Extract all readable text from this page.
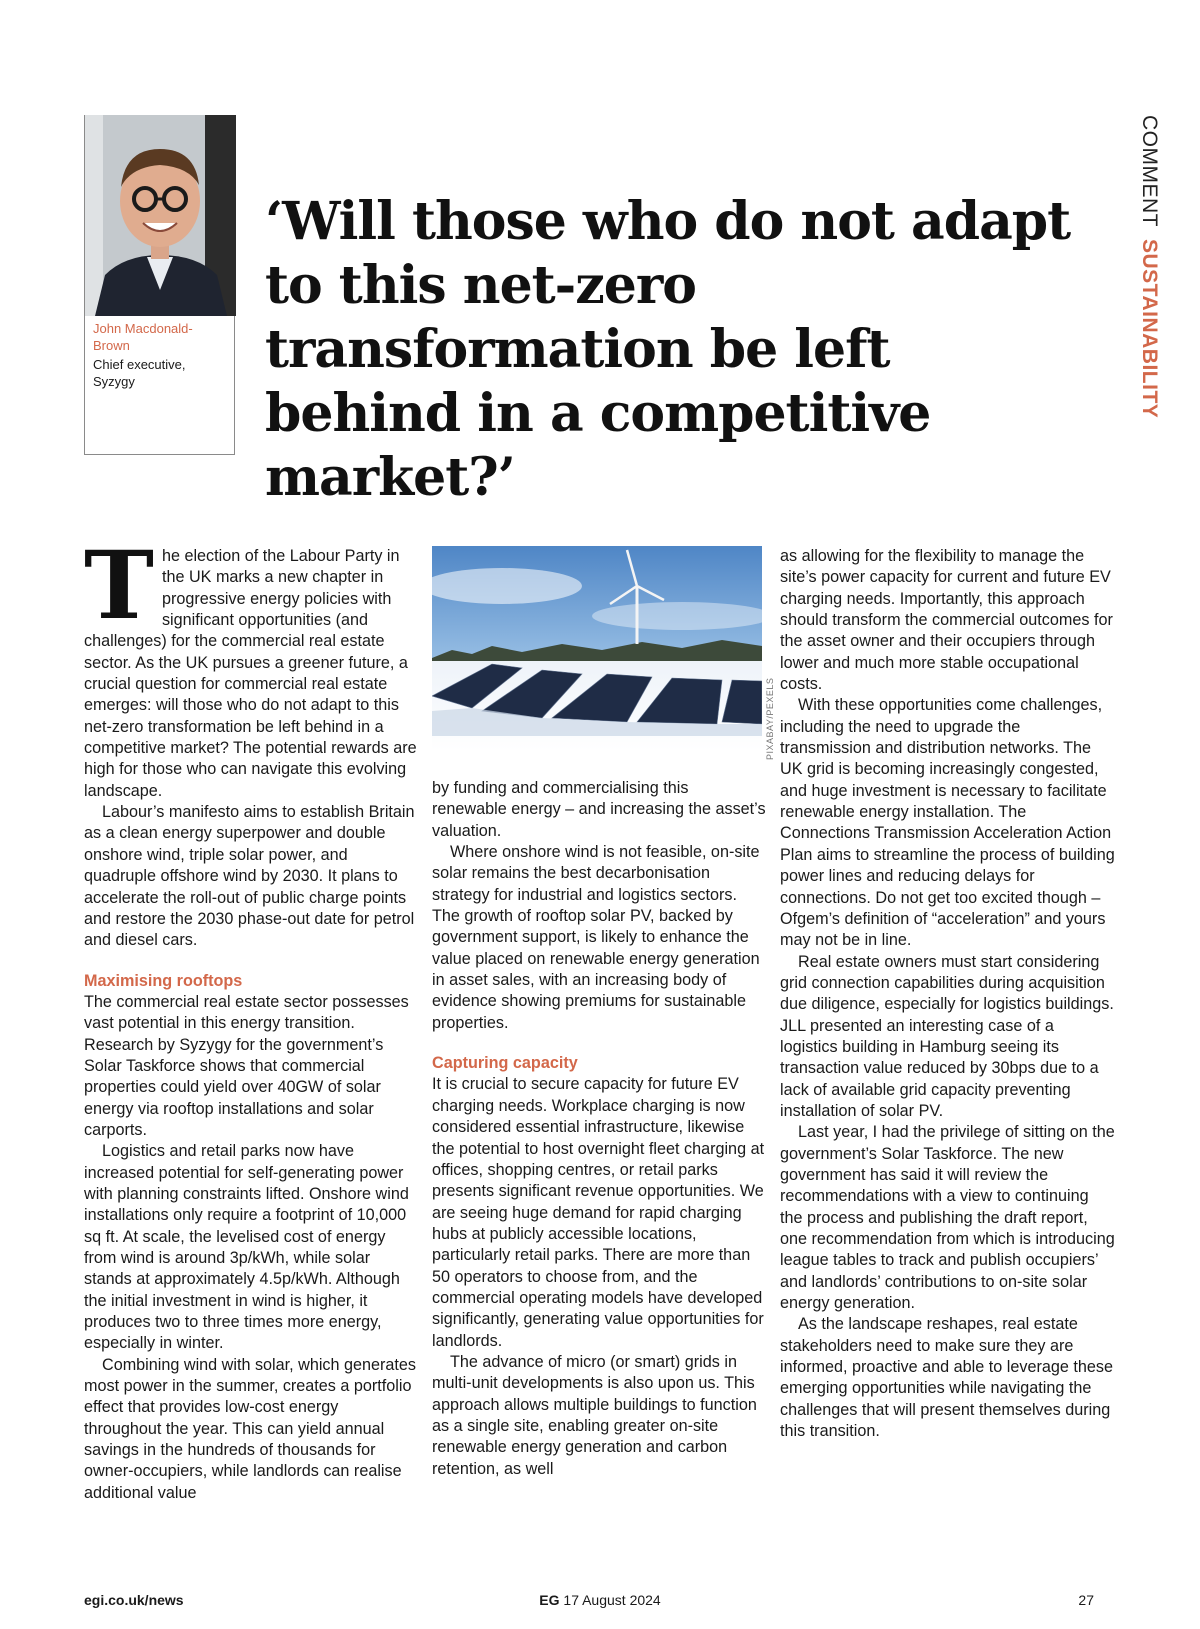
COMMENT SUSTAINABILITY
John Macdonald-Brown
Chief executive, Syzygy
‘Will those who do not adapt to this net-zero transformation be left behind in a competitive market?’

The election of the Labour Party in the UK marks a new chapter in progressive energy policies with significant opportunities (and challenges) for the commercial real estate sector. As the UK pursues a greener future, a crucial question for commercial real estate emerges: will those who do not adapt to this net-zero transformation be left behind in a competitive market? The potential rewards are high for those who can navigate this evolving landscape.

Labour’s manifesto aims to establish Britain as a clean energy superpower and double onshore wind, triple solar power, and quadruple offshore wind by 2030. It plans to accelerate the roll-out of public charge points and restore the 2030 phase-out date for petrol and diesel cars.

Maximising rooftops

The commercial real estate sector possesses vast potential in this energy transition. Research by Syzygy for the government’s Solar Taskforce shows that commercial properties could yield over 40GW of solar energy via rooftop installations and solar carports.

Logistics and retail parks now have increased potential for self-generating power with planning constraints lifted. Onshore wind installations only require a footprint of 10,000 sq ft. At scale, the levelised cost of energy from wind is around 3p/kWh, while solar stands at approximately 4.5p/kWh. Although the initial investment in wind is higher, it produces two to three times more energy, especially in winter.

Combining wind with solar, which generates most power in the summer, creates a portfolio effect that provides low-cost energy throughout the year. This can yield annual savings in the hundreds of thousands for owner-occupiers, while landlords can realise additional value

PIXABAY/PEXELS

by funding and commercialising this renewable energy – and increasing the asset’s valuation.

Where onshore wind is not feasible, on-site solar remains the best decarbonisation strategy for industrial and logistics sectors. The growth of rooftop solar PV, backed by government support, is likely to enhance the value placed on renewable energy generation in asset sales, with an increasing body of evidence showing premiums for sustainable properties.

Capturing capacity

It is crucial to secure capacity for future EV charging needs. Workplace charging is now considered essential infrastructure, likewise the potential to host overnight fleet charging at offices, shopping centres, or retail parks presents significant revenue opportunities. We are seeing huge demand for rapid charging hubs at publicly accessible locations, particularly retail parks. There are more than 50 operators to choose from, and the commercial operating models have developed significantly, generating value opportunities for landlords.

The advance of micro (or smart) grids in multi-unit developments is also upon us. This approach allows multiple buildings to function as a single site, enabling greater on-site renewable energy generation and carbon retention, as well

as allowing for the flexibility to manage the site’s power capacity for current and future EV charging needs. Importantly, this approach should transform the commercial outcomes for the asset owner and their occupiers through lower and much more stable occupational costs.

With these opportunities come challenges, including the need to upgrade the transmission and distribution networks. The UK grid is becoming increasingly congested, and huge investment is necessary to facilitate renewable energy installation. The Connections Transmission Acceleration Action Plan aims to streamline the process of building power lines and reducing delays for connections. Do not get too excited though – Ofgem’s definition of “acceleration” and yours may not be in line.

Real estate owners must start considering grid connection capabilities during acquisition due diligence, especially for logistics buildings. JLL presented an interesting case of a logistics building in Hamburg seeing its transaction value reduced by 30bps due to a lack of available grid capacity preventing installation of solar PV.

Last year, I had the privilege of sitting on the government’s Solar Taskforce. The new government has said it will review the recommendations with a view to continuing the process and publishing the draft report, one recommendation from which is introducing league tables to track and publish occupiers’ and landlords’ contributions to on-site solar energy generation.

As the landscape reshapes, real estate stakeholders need to make sure they are informed, proactive and able to leverage these emerging opportunities while navigating the challenges that will present themselves during this transition.

egi.co.uk/news	EG 17 August 2024	27
